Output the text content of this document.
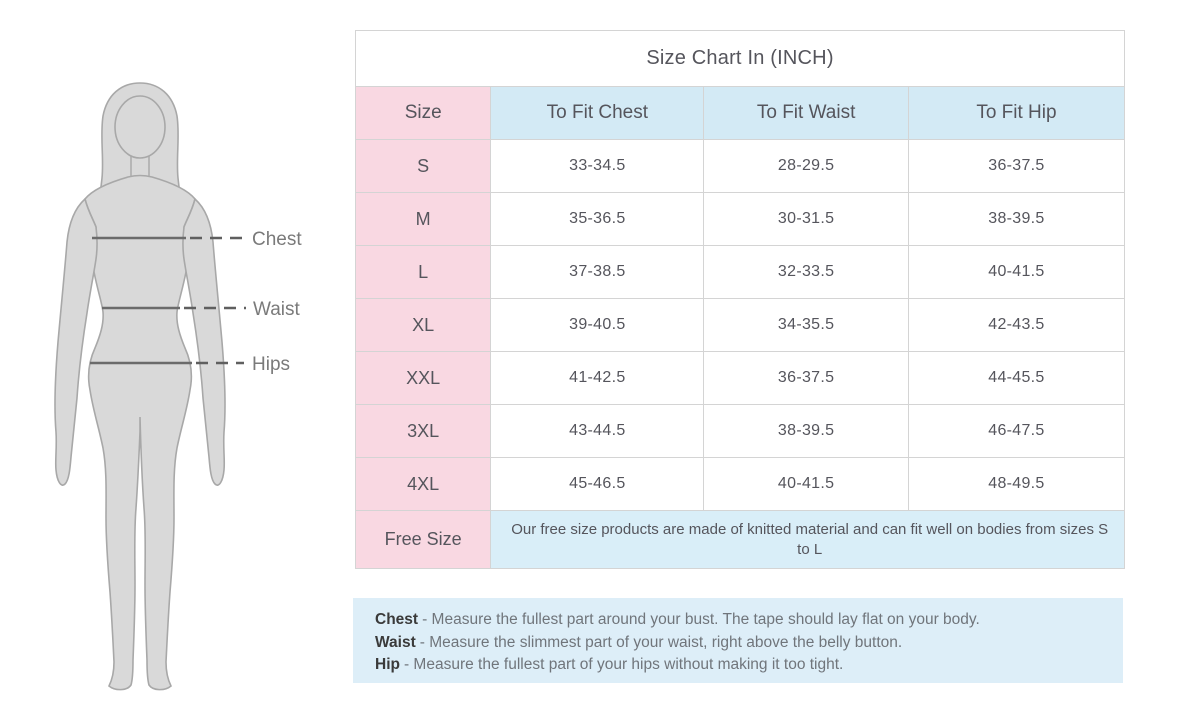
Chest
Waist
Hips
Size Chart In (INCH)			
Size	To Fit Chest	To Fit Waist	To Fit Hip
S	33-34.5	28-29.5	36-37.5
M	35-36.5	30-31.5	38-39.5
L	37-38.5	32-33.5	40-41.5
XL	39-40.5	34-35.5	42-43.5
XXL	41-42.5	36-37.5	44-45.5
3XL	43-44.5	38-39.5	46-47.5
4XL	45-46.5	40-41.5	48-49.5
Free Size	Our free size products are made of knitted material and can fit well on bodies from sizes S to L		
Chest - Measure the fullest part around your bust. The tape should lay flat on your body.
Waist - Measure the slimmest part of your waist, right above the belly button.
Hip - Measure the fullest part of your hips without making it too tight.
